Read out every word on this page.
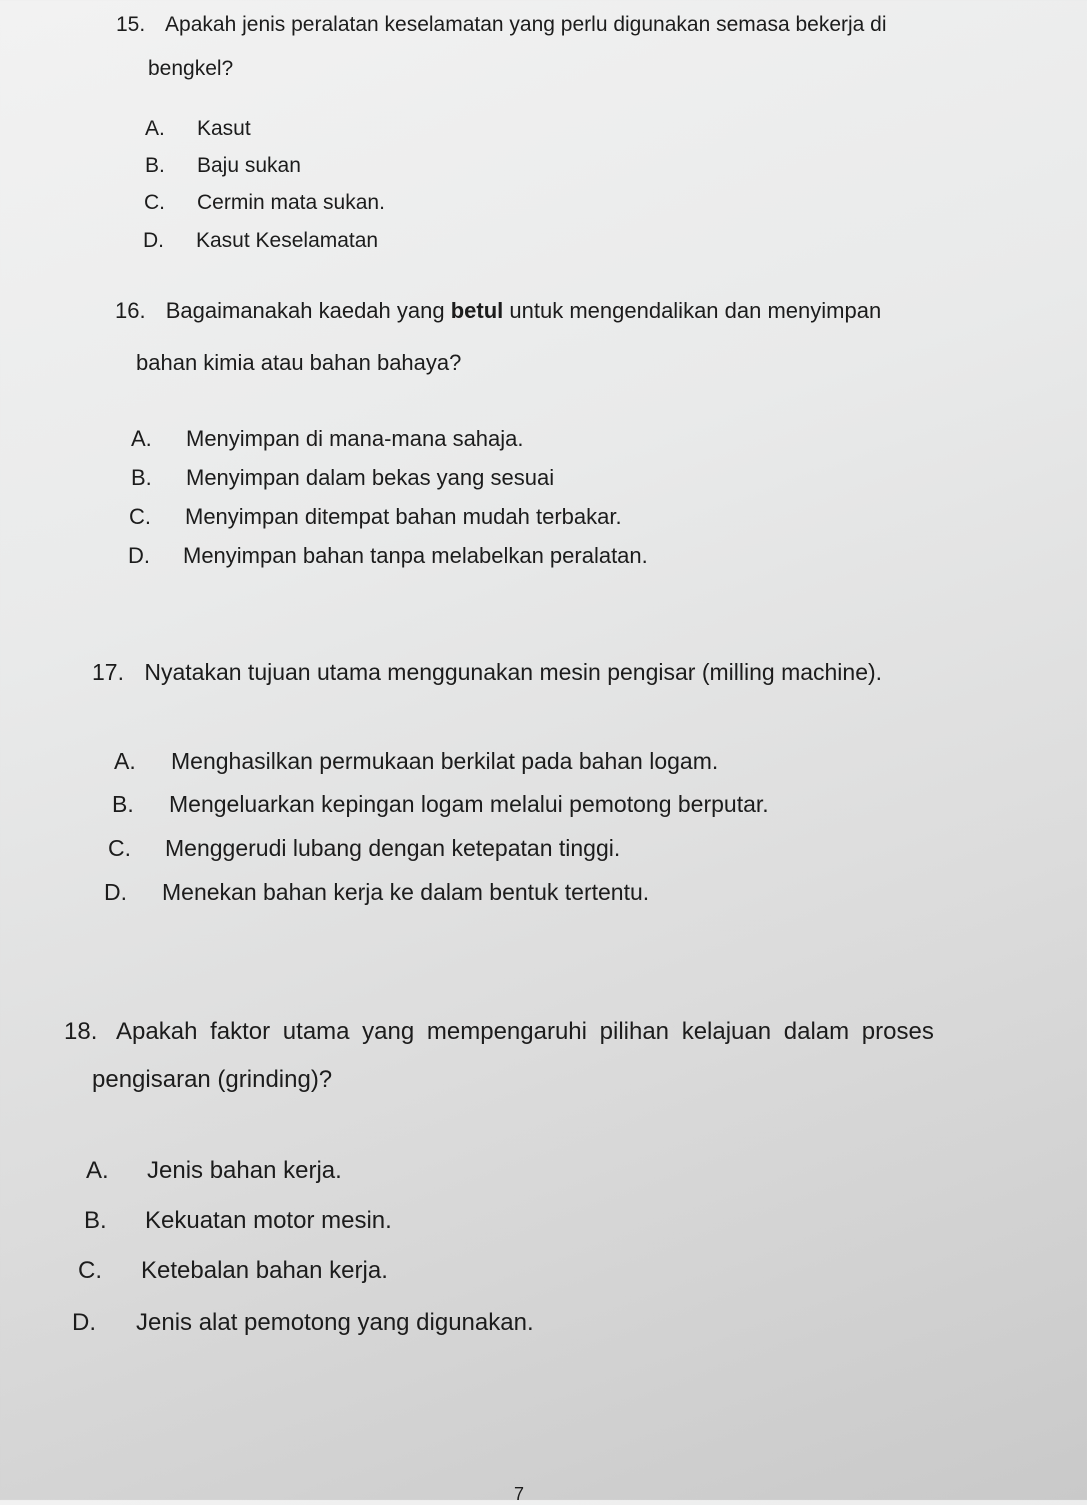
15. Apakah jenis peralatan keselamatan yang perlu digunakan semasa bekerja di
bengkel?
A. Kasut
B. Baju sukan
C. Cermin mata sukan.
D. Kasut Keselamatan
16. Bagaimanakah kaedah yang betul untuk mengendalikan dan menyimpan
bahan kimia atau bahan bahaya?
A. Menyimpan di mana-mana sahaja.
B. Menyimpan dalam bekas yang sesuai
C. Menyimpan ditempat bahan mudah terbakar.
D. Menyimpan bahan tanpa melabelkan peralatan.
17. Nyatakan tujuan utama menggunakan mesin pengisar (milling machine).
A. Menghasilkan permukaan berkilat pada bahan logam.
B. Mengeluarkan kepingan logam melalui pemotong berputar.
C. Menggerudi lubang dengan ketepatan tinggi.
D. Menekan bahan kerja ke dalam bentuk tertentu.
18. Apakah faktor utama yang mempengaruhi pilihan kelajuan dalam proses
pengisaran (grinding)?
A. Jenis bahan kerja.
B. Kekuatan motor mesin.
C. Ketebalan bahan kerja.
D. Jenis alat pemotong yang digunakan.
7
